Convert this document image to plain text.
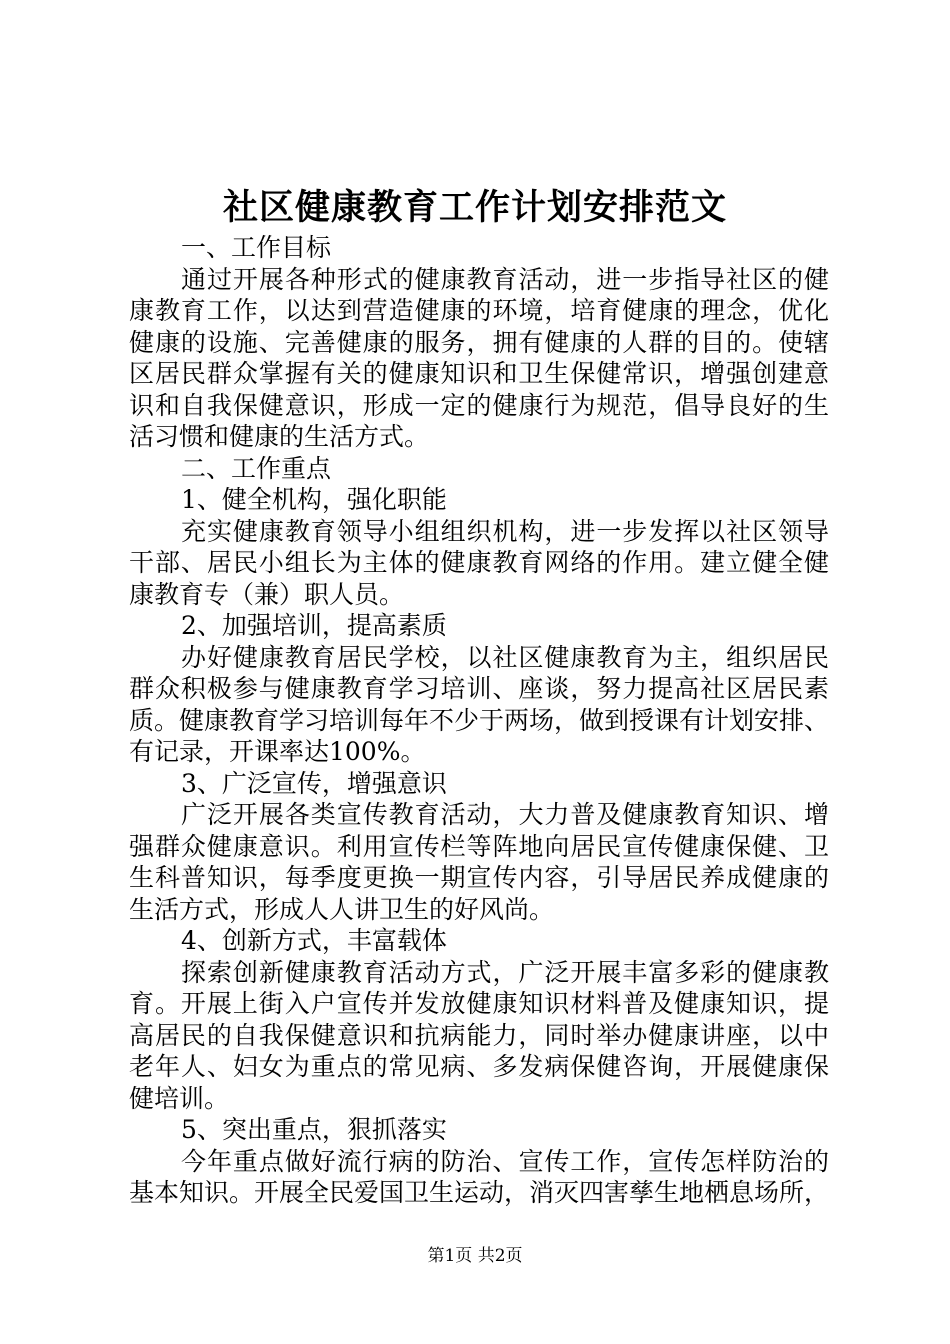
社区健康教育工作计划安排范文
一、工作目标
通过开展各种形式的健康教育活动，进一步指导社区的健
康教育工作，以达到营造健康的环境，培育健康的理念，优化
健康的设施、完善健康的服务，拥有健康的人群的目的。使辖
区居民群众掌握有关的健康知识和卫生保健常识，增强创建意
识和自我保健意识，形成一定的健康行为规范，倡导良好的生
活习惯和健康的生活方式。
二、工作重点
1、健全机构，强化职能
充实健康教育领导小组组织机构，进一步发挥以社区领导
干部、居民小组长为主体的健康教育网络的作用。建立健全健
康教育专（兼）职人员。
2、加强培训，提高素质
办好健康教育居民学校，以社区健康教育为主，组织居民
群众积极参与健康教育学习培训、座谈，努力提高社区居民素
质。健康教育学习培训每年不少于两场，做到授课有计划安排、
有记录，开课率达100%。
3、广泛宣传，增强意识
广泛开展各类宣传教育活动，大力普及健康教育知识、增
强群众健康意识。利用宣传栏等阵地向居民宣传健康保健、卫
生科普知识，每季度更换一期宣传内容，引导居民养成健康的
生活方式，形成人人讲卫生的好风尚。
4、创新方式，丰富载体
探索创新健康教育活动方式，广泛开展丰富多彩的健康教
育。开展上街入户宣传并发放健康知识材料普及健康知识，提
高居民的自我保健意识和抗病能力，同时举办健康讲座，以中
老年人、妇女为重点的常见病、多发病保健咨询，开展健康保
健培训。
5、突出重点，狠抓落实
今年重点做好流行病的防治、宣传工作，宣传怎样防治的
基本知识。开展全民爱国卫生运动，消灭四害孳生地栖息场所，
第1页 共2页
